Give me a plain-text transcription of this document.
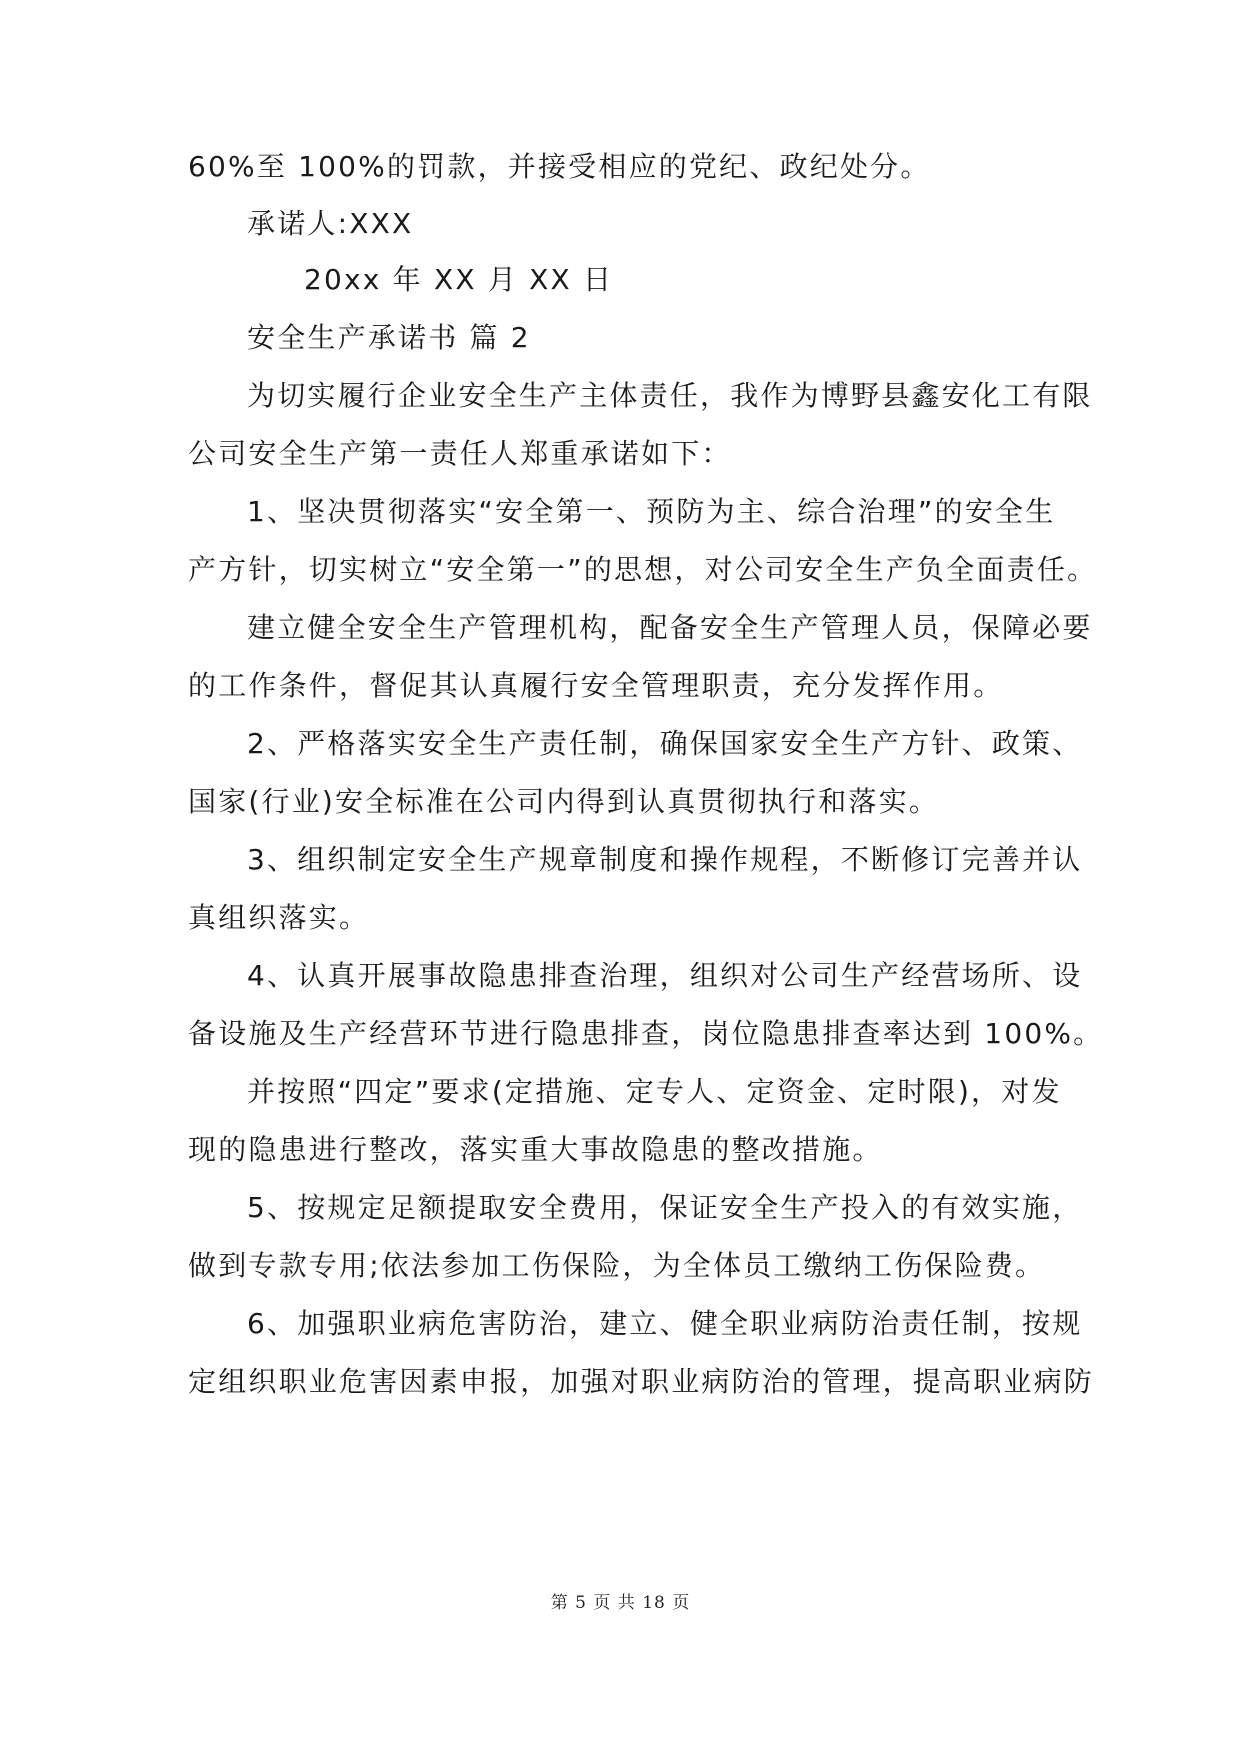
60%至 100%的罚款，并接受相应的党纪、政纪处分。
承诺人:XXX
20xx 年 XX 月 XX 日
安全生产承诺书 篇 2
为切实履行企业安全生产主体责任，我作为博野县鑫安化工有限
公司安全生产第一责任人郑重承诺如下：
1、坚决贯彻落实“安全第一、预防为主、综合治理”的安全生
产方针，切实树立“安全第一”的思想，对公司安全生产负全面责任。
建立健全安全生产管理机构，配备安全生产管理人员，保障必要
的工作条件，督促其认真履行安全管理职责，充分发挥作用。
2、严格落实安全生产责任制，确保国家安全生产方针、政策、
国家(行业)安全标准在公司内得到认真贯彻执行和落实。
3、组织制定安全生产规章制度和操作规程，不断修订完善并认
真组织落实。
4、认真开展事故隐患排查治理，组织对公司生产经营场所、设
备设施及生产经营环节进行隐患排查，岗位隐患排查率达到 100%。
并按照“四定”要求(定措施、定专人、定资金、定时限)，对发
现的隐患进行整改，落实重大事故隐患的整改措施。
5、按规定足额提取安全费用，保证安全生产投入的有效实施，
做到专款专用;依法参加工伤保险，为全体员工缴纳工伤保险费。
6、加强职业病危害防治，建立、健全职业病防治责任制，按规
定组织职业危害因素申报，加强对职业病防治的管理，提高职业病防
第 5 页 共 18 页
